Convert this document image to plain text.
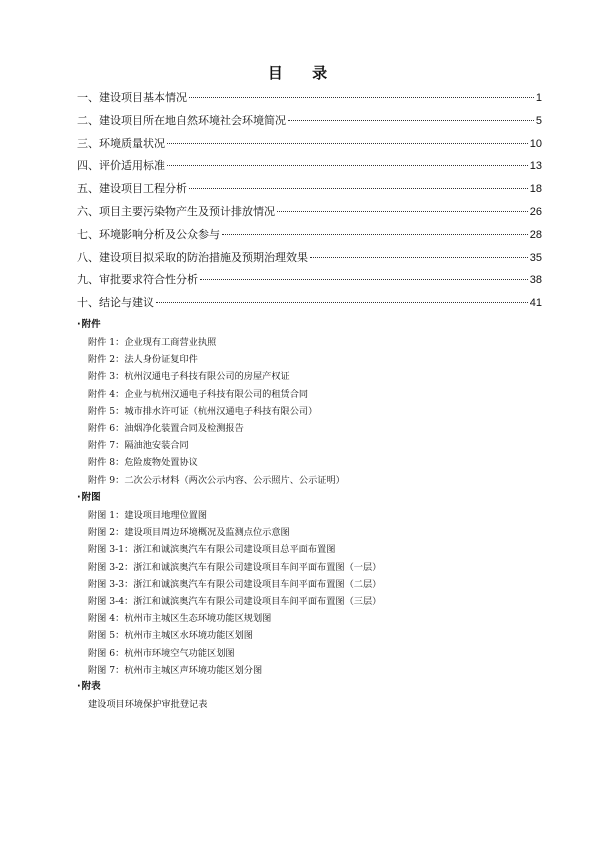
目 录
一、建设项目基本情况	1
二、建设项目所在地自然环境社会环境简况	5
三、环境质量状况	10
四、评价适用标准	13
五、建设项目工程分析	18
六、项目主要污染物产生及预计排放情况	26
七、环境影响分析及公众参与	28
八、建设项目拟采取的防治措施及预期治理效果	35
九、审批要求符合性分析	38
十、结论与建议	41
·附件
附件 1：企业现有工商营业执照
附件 2：法人身份证复印件
附件 3：杭州汉通电子科技有限公司的房屋产权证
附件 4：企业与杭州汉通电子科技有限公司的租赁合同
附件 5：城市排水许可证（杭州汉通电子科技有限公司）
附件 6：油烟净化装置合同及检测报告
附件 7：隔油池安装合同
附件 8：危险废物处置协议
附件 9：二次公示材料（两次公示内容、公示照片、公示证明）
·附图
附图 1：建设项目地理位置图
附图 2：建设项目周边环境概况及监测点位示意图
附图 3-1：浙江和诚滨奥汽车有限公司建设项目总平面布置图
附图 3-2：浙江和诚滨奥汽车有限公司建设项目车间平面布置图（一层）
附图 3-3：浙江和诚滨奥汽车有限公司建设项目车间平面布置图（二层）
附图 3-4：浙江和诚滨奥汽车有限公司建设项目车间平面布置图（三层）
附图 4：杭州市主城区生态环境功能区规划图
附图 5：杭州市主城区水环境功能区划图
附图 6：杭州市环境空气功能区划图
附图 7：杭州市主城区声环境功能区划分图
·附表
建设项目环境保护审批登记表
